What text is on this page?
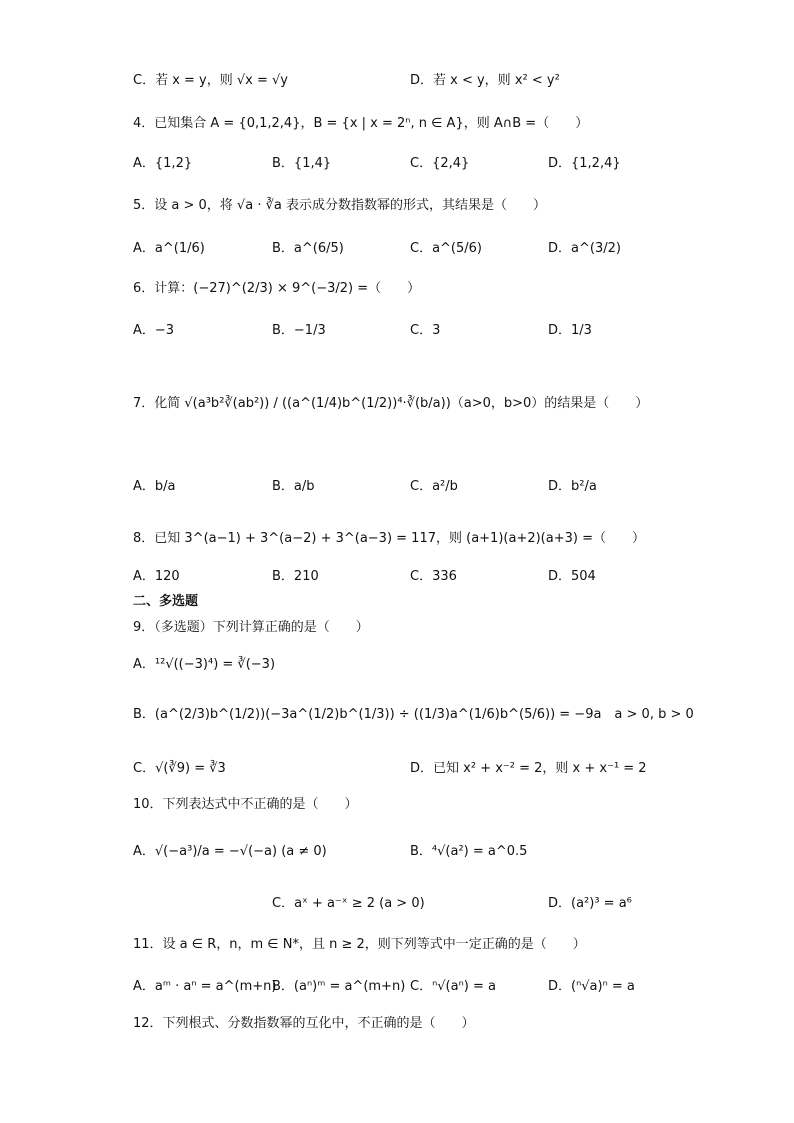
C．若 x = y，则 √x = √y	D．若 x < y，则 x² < y²
4．已知集合 A = {0,1,2,4}，B = {x | x = 2ⁿ, n ∈ A}，则 A∩B =（　　）
A．{1,2}	B．{1,4}	C．{2,4}	D．{1,2,4}
5．设 a > 0，将 √a · ∛a 表示成分数指数幂的形式，其结果是（　　）
A．a^(1/6)	B．a^(6/5)	C．a^(5/6)	D．a^(3/2)
6．计算：(−27)^(2/3) × 9^(−3/2) =（　　）
A．−3	B．−1/3	C．3	D．1/3
7．化简 √(a³b²∛(ab²)) / ((a^(1/4)b^(1/2))⁴·∛(b/a))（a>0，b>0）的结果是（　　）
A．b/a	B．a/b	C．a²/b	D．b²/a
8．已知 3^(a−1) + 3^(a−2) + 3^(a−3) = 117，则 (a+1)(a+2)(a+3) =（　　）
A．120	B．210	C．336	D．504
二、多选题
9．（多选题）下列计算正确的是（　　）
A．¹²√((−3)⁴) = ∛(−3)
B．(a^(2/3)b^(1/2))(−3a^(1/2)b^(1/3)) ÷ ((1/3)a^(1/6)b^(5/6)) = −9a　a > 0, b > 0
C．√(∛9) = ∛3	D．已知 x² + x⁻² = 2，则 x + x⁻¹ = 2
10．下列表达式中不正确的是（　　）
A．√(−a³)/a = −√(−a) (a ≠ 0)	B．⁴√(a²) = a^0.5
C．aˣ + a⁻ˣ ≥ 2 (a > 0)	D．(a²)³ = a⁶
11．设 a ∈ R，n，m ∈ N*，且 n ≥ 2，则下列等式中一定正确的是（　　）
A．aᵐ · aⁿ = a^(m+n)
B．(aⁿ)ᵐ = a^(m+n) C．ⁿ√(aⁿ) = a	D．(ⁿ√a)ⁿ = a
12．下列根式、分数指数幂的互化中，不正确的是（　　）
